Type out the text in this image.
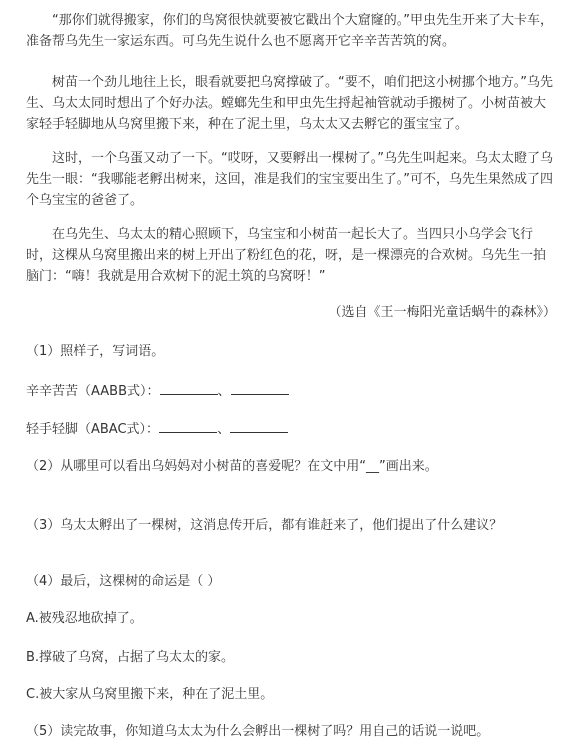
“那你们就得搬家，你们的鸟窝很快就要被它戳出个大窟窿的。”甲虫先生开来了大卡车，准备帮乌先生一家运东西。可乌先生说什么也不愿离开它辛辛苦苦筑的窝。

树苗一个劲儿地往上长，眼看就要把乌窝撑破了。“要不，咱们把这小树挪个地方。”乌先生、乌太太同时想出了个好办法。螳螂先生和甲虫先生捋起袖管就动手搬树了。小树苗被大家轻手轻脚地从乌窝里搬下来，种在了泥土里，乌太太又去孵它的蛋宝宝了。

这时，一个乌蛋又动了一下。“哎呀，又要孵出一棵树了。”乌先生叫起来。乌太太瞪了乌先生一眼：“我哪能老孵出树来，这回，准是我们的宝宝要出生了。”可不，乌先生果然成了四个乌宝宝的爸爸了。

在乌先生、乌太太的精心照顾下，乌宝宝和小树苗一起长大了。当四只小乌学会飞行时，这棵从乌窝里搬出来的树上开出了粉红色的花，呀，是一棵漂亮的合欢树。乌先生一拍脑门：“嗨！我就是用合欢树下的泥土筑的乌窝呀！”

（选自《王一梅阳光童话蜗牛的森林》）

（1）照样子，写词语。

辛辛苦苦（AABB式）：	、

轻手轻脚（ABAC式）：	、

（2）从哪里可以看出乌妈妈对小树苗的喜爱呢？在文中用“__”画出来。

（3）乌太太孵出了一棵树，这消息传开后，都有谁赶来了，他们提出了什么建议？

（4）最后，这棵树的命运是（ ）

A.被残忍地砍掉了。

B.撑破了乌窝，占据了乌太太的家。

C.被大家从乌窝里搬下来，种在了泥土里。

（5）读完故事，你知道乌太太为什么会孵出一棵树了吗？用自己的话说一说吧。
